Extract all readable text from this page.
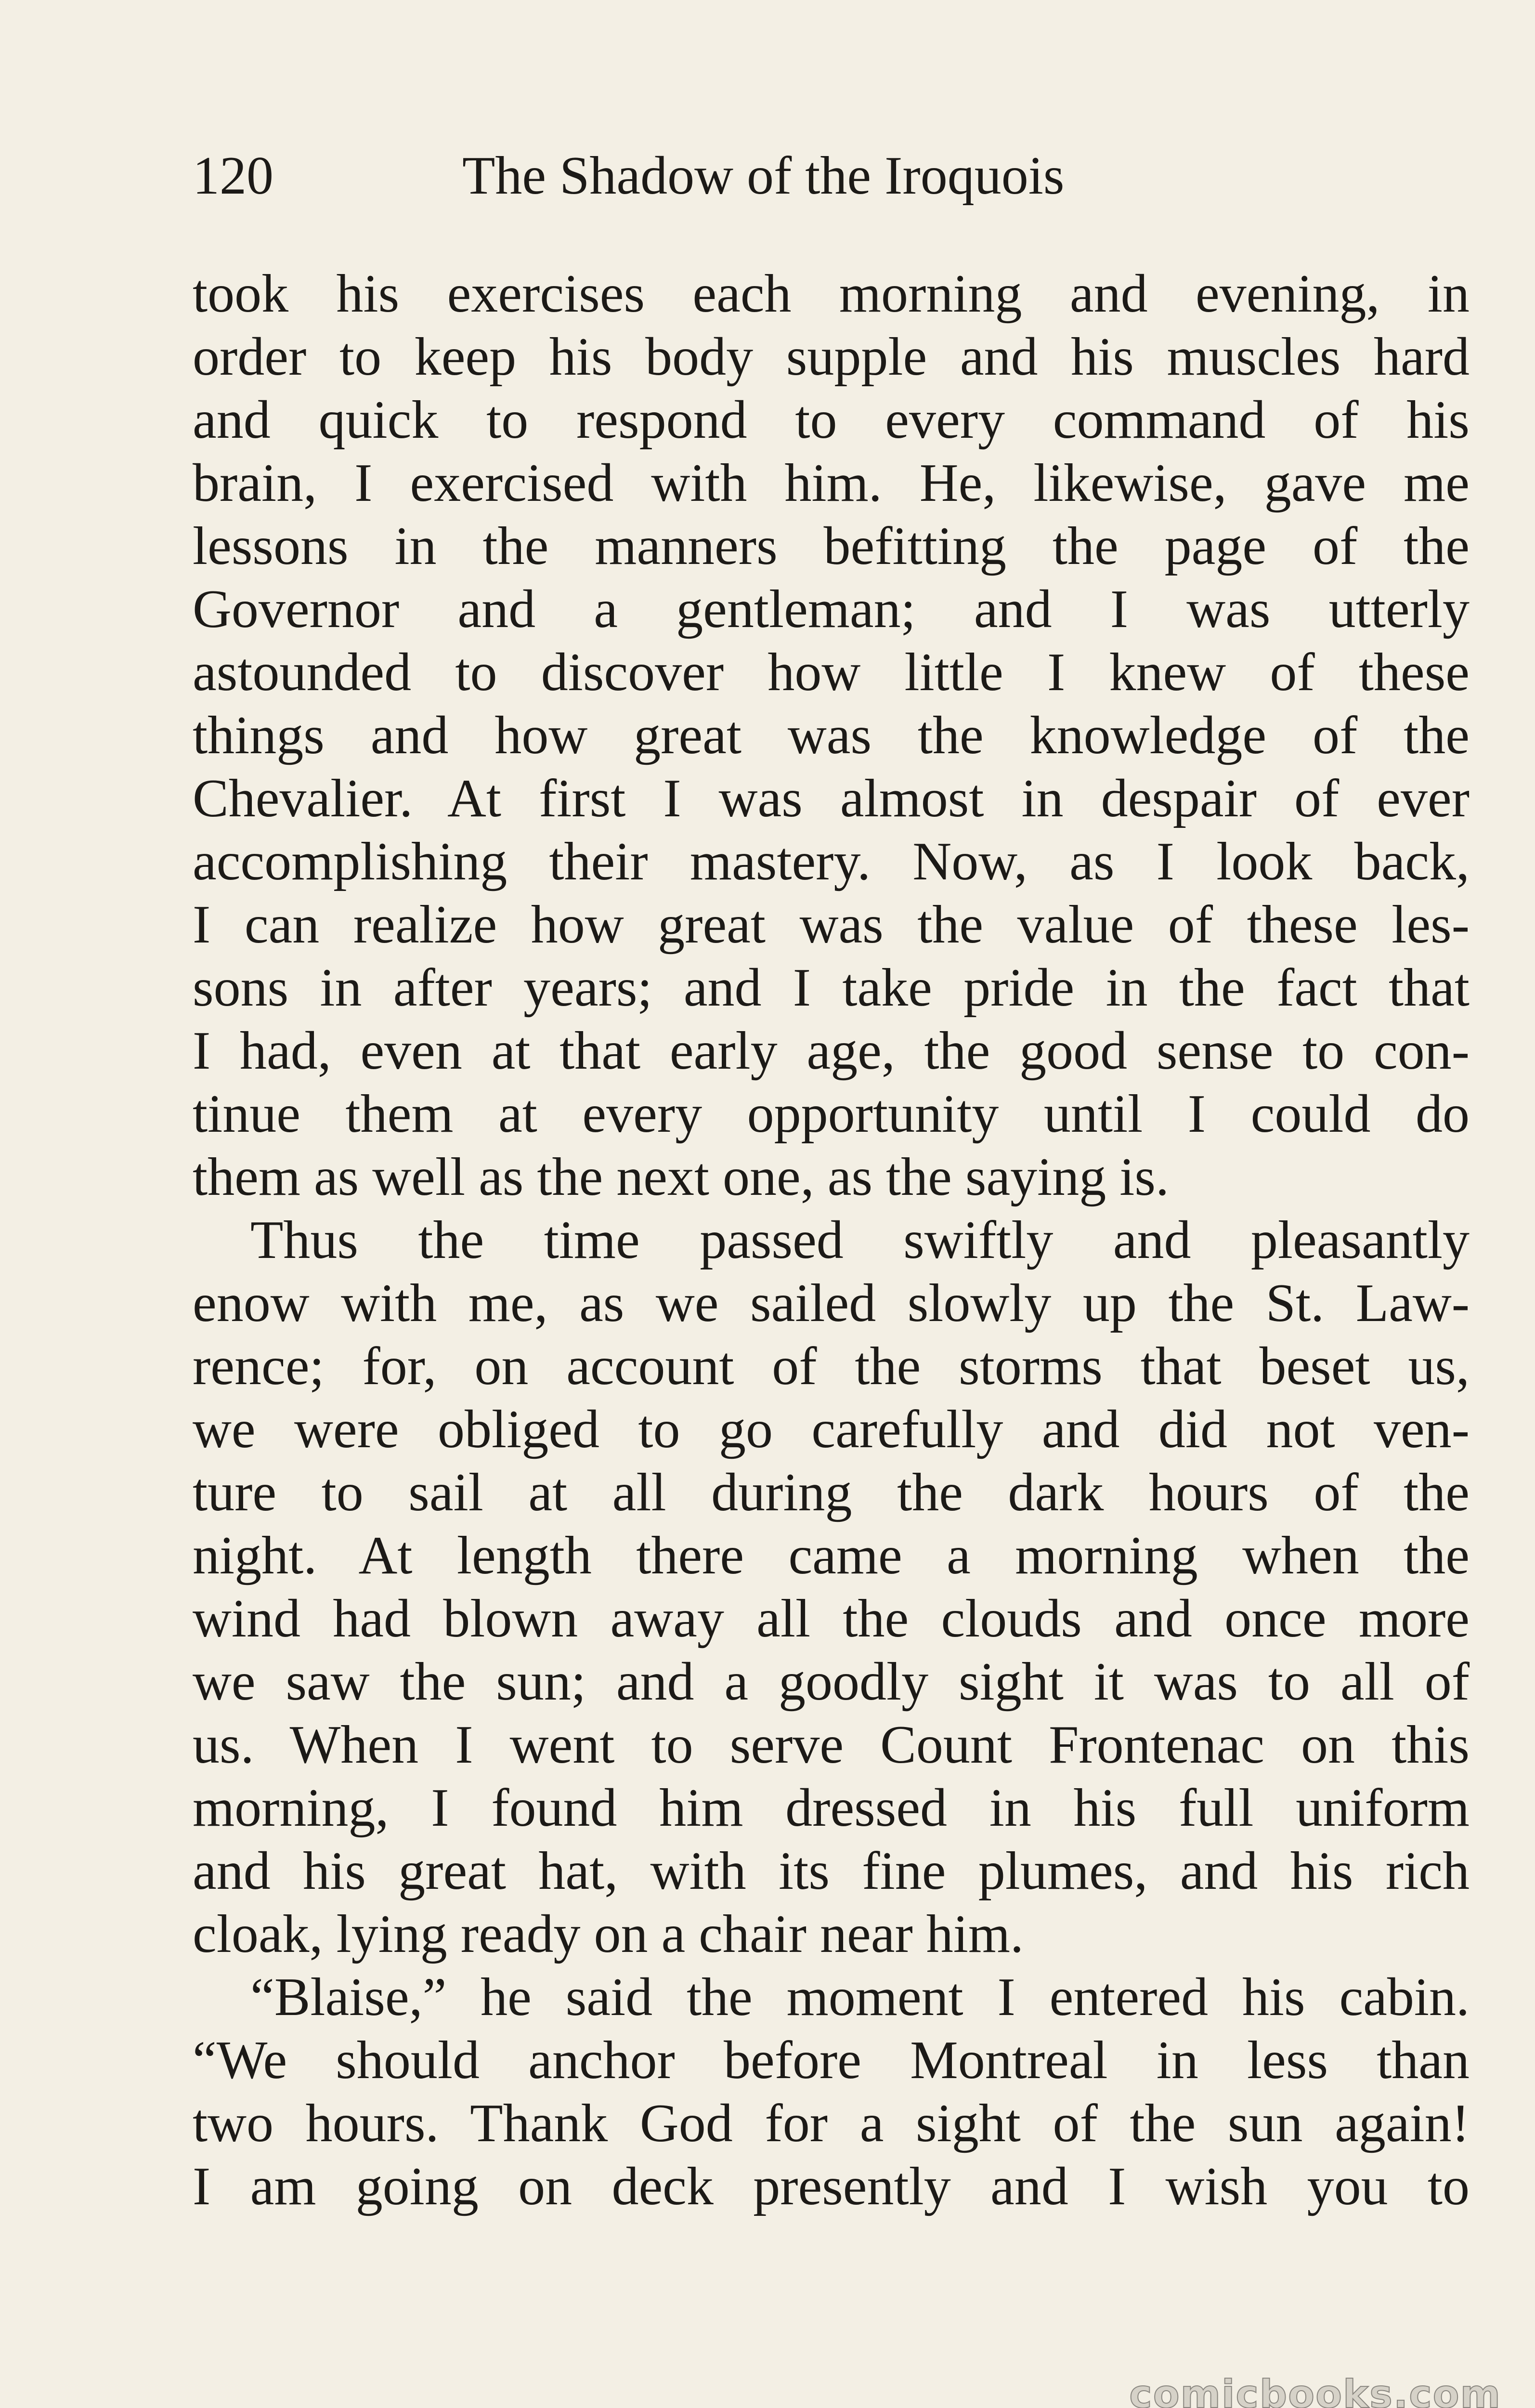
120	The Shadow of the Iroquois
took his exercises each morning and evening, in
order to keep his body supple and his muscles hard
and quick to respond to every command of his
brain, I exercised with him. He, likewise, gave me
lessons in the manners befitting the page of the
Governor and a gentleman; and I was utterly
astounded to discover how little I knew of these
things and how great was the knowledge of the
Chevalier. At first I was almost in despair of ever
accomplishing their mastery. Now, as I look back,
I can realize how great was the value of these les-
sons in after years; and I take pride in the fact that
I had, even at that early age, the good sense to con-
tinue them at every opportunity until I could do
them as well as the next one, as the saying is.
Thus the time passed swiftly and pleasantly
enow with me, as we sailed slowly up the St. Law-
rence; for, on account of the storms that beset us,
we were obliged to go carefully and did not ven-
ture to sail at all during the dark hours of the
night. At length there came a morning when the
wind had blown away all the clouds and once more
we saw the sun; and a goodly sight it was to all of
us. When I went to serve Count Frontenac on this
morning, I found him dressed in his full uniform
and his great hat, with its fine plumes, and his rich
cloak, lying ready on a chair near him.
“Blaise,” he said the moment I entered his cabin.
“We should anchor before Montreal in less than
two hours. Thank God for a sight of the sun again!
I am going on deck presently and I wish you to
comicbooks.com
